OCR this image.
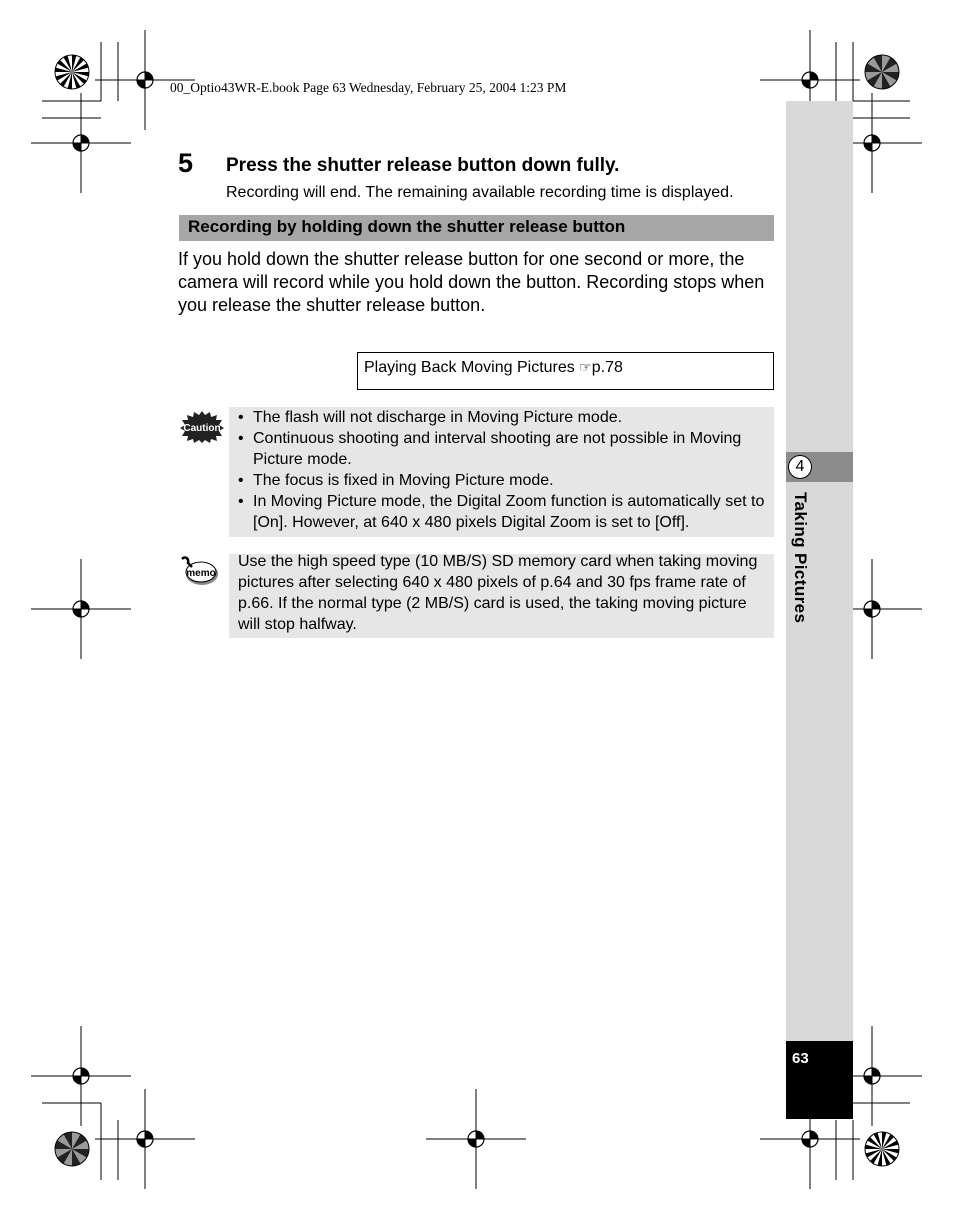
00_Optio43WR-E.book Page 63 Wednesday, February 25, 2004 1:23 PM
4
Taking Pictures
63
5 Press the shutter release button down fully.
Recording will end. The remaining available recording time is displayed.
Recording by holding down the shutter release button
If you hold down the shutter release button for one second or more, the camera will record while you hold down the button. Recording stops when you release the shutter release button.
Playing Back Moving Pictures ☜p.78
Caution
• The flash will not discharge in Moving Picture mode.
• Continuous shooting and interval shooting are not possible in Moving Picture mode.
• The focus is fixed in Moving Picture mode.
• In Moving Picture mode, the Digital Zoom function is automatically set to [On]. However, at 640 x 480 pixels Digital Zoom is set to [Off].
memo
Use the high speed type (10 MB/S) SD memory card when taking moving pictures after selecting 640 x 480 pixels of p.64 and 30 fps frame rate of p.66. If the normal type (2 MB/S) card is used, the taking moving picture will stop halfway.
